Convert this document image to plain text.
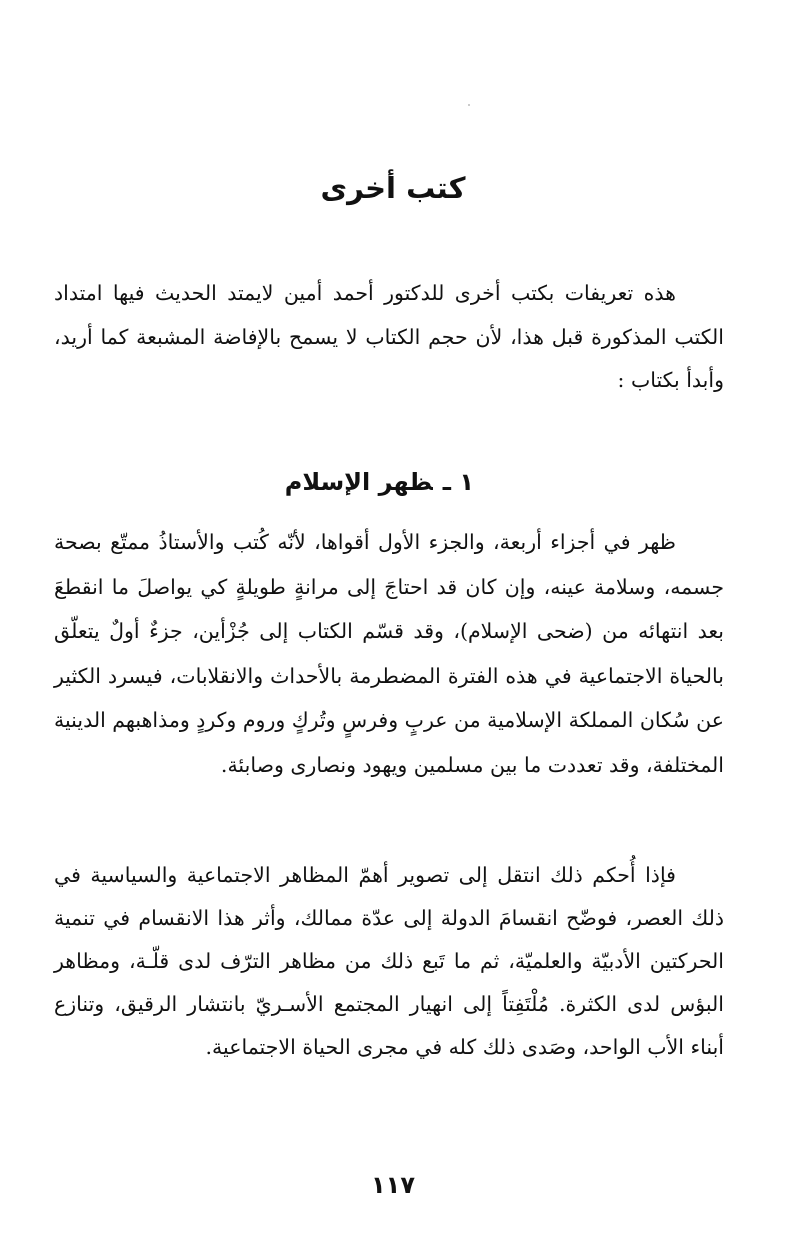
كتب أخرى

هذه تعريفات بكتب أخرى للدكتور أحمد أمين لايمتد الحديث فيها امتداد الكتب المذكورة قبل هذا، لأن حجم الكتاب لا يسمح بالإفاضة المشبعة كما أريد، وأبدأ بكتاب :

١ ـظهر الإسلام

ظهر في أجزاء أربعة، والجزء الأول أقواها، لأنّه كُتب والأستاذُ ممتّع بصحة جسمه، وسلامة عينه، وإن كان قد احتاجَ إلى مرانةٍ طويلةٍ كي يواصلَ ما انقطعَ بعد انتهائه من (ضحى الإسلام)، وقد قسّم الكتاب إلى جُزْأين، جزءٌ أولٌ يتعلّق بالحياة الاجتماعية في هذه الفترة المضطرمة بالأحداث والانقلابات، فيسرد الكثير عن سُكان المملكة الإسلامية من عربٍ وفرسٍ وتُركٍ وروم وكردٍ ومذاهبهم الدينية المختلفة، وقد تعددت ما بين مسلمين ويهود ونصارى وصابئة.

فإذا أُحكم ذلك انتقل إلى تصوير أهمّ المظاهر الاجتماعية والسياسية في ذلك العصر، فوضّح انقسامَ الدولة إلى عدّة ممالك، وأثر هذا الانقسام في تنمية الحركتين الأدبيّة والعلميّة، ثم ما تَبع ذلك من مظاهر الترّف لدى قلّـة، ومظاهر البؤس لدى الكثرة. مُلْتَفِتاً إلى انهيار المجتمع الأسـريّ بانتشار الرقيق، وتنازع أبناء الأب الواحد، وصَدى ذلك كله في مجرى الحياة الاجتماعية.

١١٧
